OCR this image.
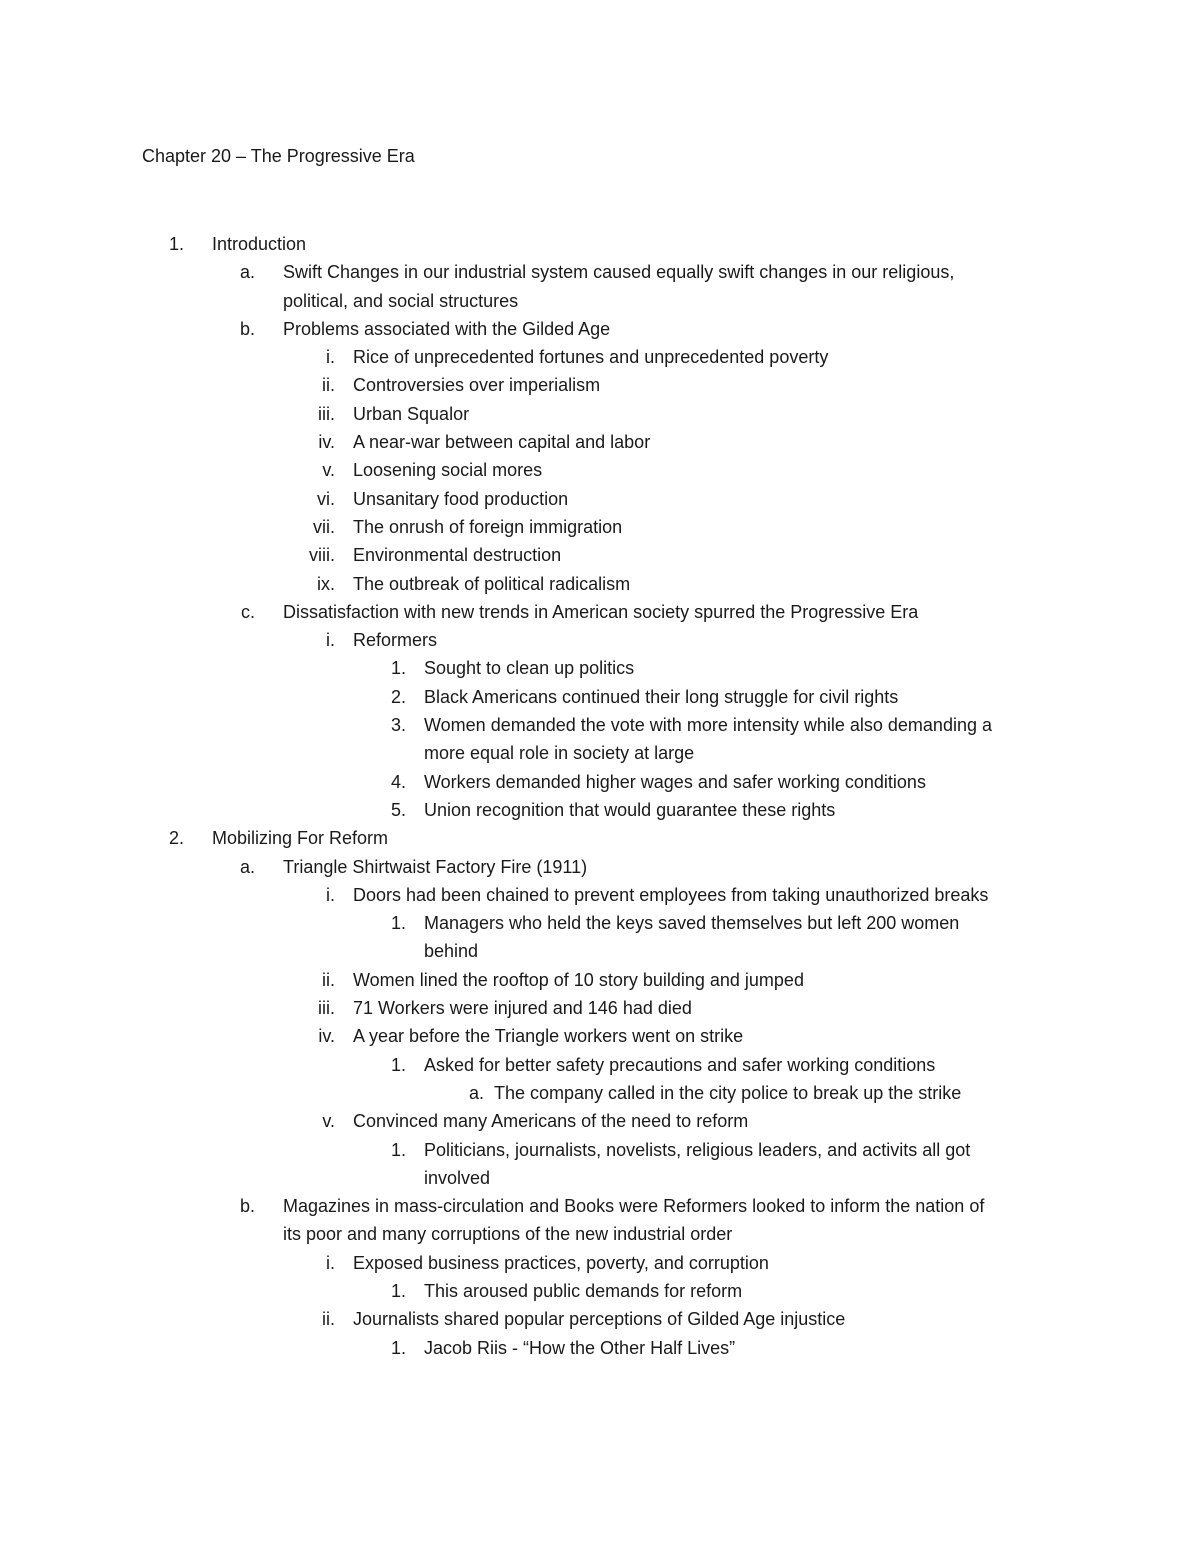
Chapter 20 – The Progressive Era
1. Introduction
a. Swift Changes in our industrial system caused equally swift changes in our religious,
political, and social structures
b. Problems associated with the Gilded Age
i. Rice of unprecedented fortunes and unprecedented poverty
ii. Controversies over imperialism
iii. Urban Squalor
iv. A near-war between capital and labor
v. Loosening social mores
vi. Unsanitary food production
vii. The onrush of foreign immigration
viii. Environmental destruction
ix. The outbreak of political radicalism
c. Dissatisfaction with new trends in American society spurred the Progressive Era
i. Reformers
1. Sought to clean up politics
2. Black Americans continued their long struggle for civil rights
3. Women demanded the vote with more intensity while also demanding a
more equal role in society at large
4. Workers demanded higher wages and safer working conditions
5. Union recognition that would guarantee these rights
2. Mobilizing For Reform
a. Triangle Shirtwaist Factory Fire (1911)
i. Doors had been chained to prevent employees from taking unauthorized breaks
1. Managers who held the keys saved themselves but left 200 women
behind
ii. Women lined the rooftop of 10 story building and jumped
iii. 71 Workers were injured and 146 had died
iv. A year before the Triangle workers went on strike
1. Asked for better safety precautions and safer working conditions
a. The company called in the city police to break up the strike
v. Convinced many Americans of the need to reform
1. Politicians, journalists, novelists, religious leaders, and activits all got
involved
b. Magazines in mass-circulation and Books were Reformers looked to inform the nation of
its poor and many corruptions of the new industrial order
i. Exposed business practices, poverty, and corruption
1. This aroused public demands for reform
ii. Journalists shared popular perceptions of Gilded Age injustice
1. Jacob Riis - “How the Other Half Lives”
